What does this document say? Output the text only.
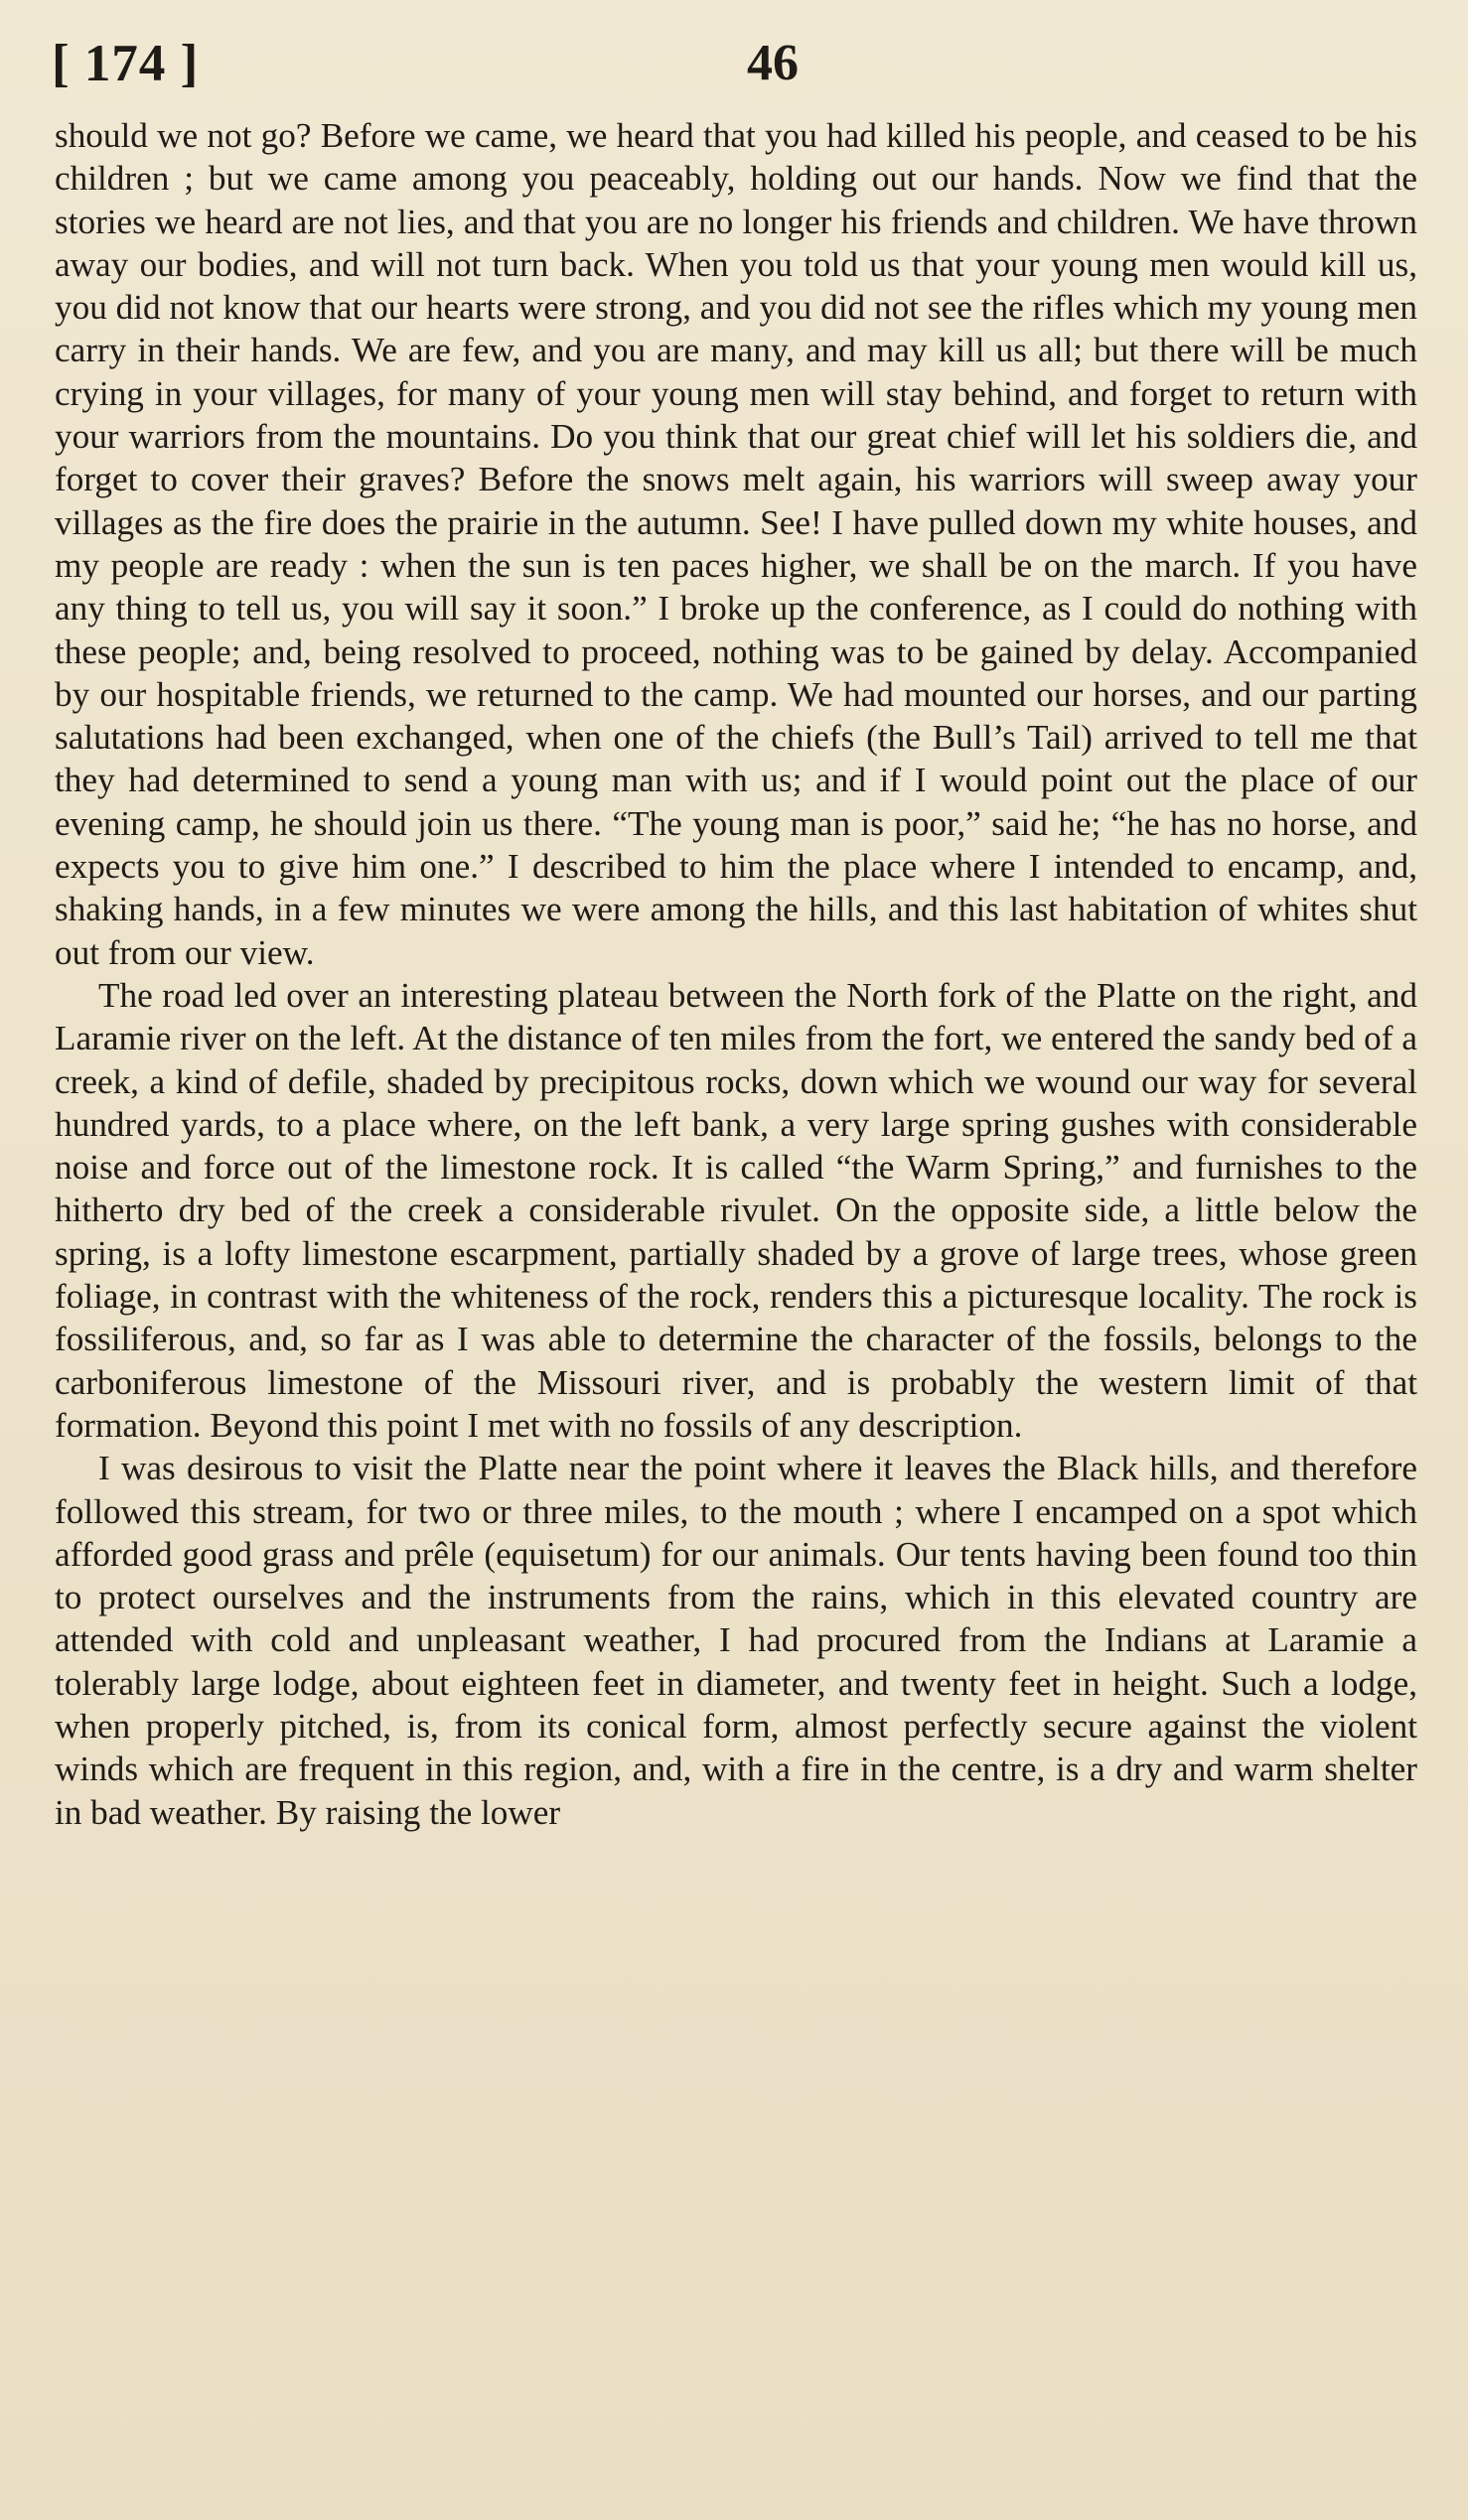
[ 174 ]	46

should we not go? Before we came, we heard that you had killed his people, and ceased to be his children ; but we came among you peaceably, holding out our hands. Now we find that the stories we heard are not lies, and that you are no longer his friends and children. We have thrown away our bodies, and will not turn back. When you told us that your young men would kill us, you did not know that our hearts were strong, and you did not see the rifles which my young men carry in their hands. We are few, and you are many, and may kill us all; but there will be much crying in your villages, for many of your young men will stay behind, and forget to return with your warriors from the mountains. Do you think that our great chief will let his soldiers die, and forget to cover their graves? Before the snows melt again, his warriors will sweep away your villages as the fire does the prairie in the autumn. See! I have pulled down my white houses, and my people are ready : when the sun is ten paces higher, we shall be on the march. If you have any thing to tell us, you will say it soon.” I broke up the conference, as I could do nothing with these people; and, being resolved to proceed, nothing was to be gained by delay. Accompanied by our hospitable friends, we returned to the camp. We had mounted our horses, and our parting salutations had been exchanged, when one of the chiefs (the Bull’s Tail) arrived to tell me that they had determined to send a young man with us; and if I would point out the place of our evening camp, he should join us there. “The young man is poor,” said he; “he has no horse, and expects you to give him one.” I described to him the place where I intended to encamp, and, shaking hands, in a few minutes we were among the hills, and this last habitation of whites shut out from our view.

The road led over an interesting plateau between the North fork of the Platte on the right, and Laramie river on the left. At the distance of ten miles from the fort, we entered the sandy bed of a creek, a kind of defile, shaded by precipitous rocks, down which we wound our way for several hundred yards, to a place where, on the left bank, a very large spring gushes with considerable noise and force out of the limestone rock. It is called “the Warm Spring,” and furnishes to the hitherto dry bed of the creek a considerable rivulet. On the opposite side, a little below the spring, is a lofty limestone escarpment, partially shaded by a grove of large trees, whose green foliage, in contrast with the whiteness of the rock, renders this a picturesque locality. The rock is fossiliferous, and, so far as I was able to determine the character of the fossils, belongs to the carboniferous limestone of the Missouri river, and is probably the western limit of that formation. Beyond this point I met with no fossils of any description.

I was desirous to visit the Platte near the point where it leaves the Black hills, and therefore followed this stream, for two or three miles, to the mouth ; where I encamped on a spot which afforded good grass and prêle (equisetum) for our animals. Our tents having been found too thin to protect ourselves and the instruments from the rains, which in this elevated country are attended with cold and unpleasant weather, I had procured from the Indians at Laramie a tolerably large lodge, about eighteen feet in diameter, and twenty feet in height. Such a lodge, when properly pitched, is, from its conical form, almost perfectly secure against the violent winds which are frequent in this region, and, with a fire in the centre, is a dry and warm shelter in bad weather. By raising the lower
